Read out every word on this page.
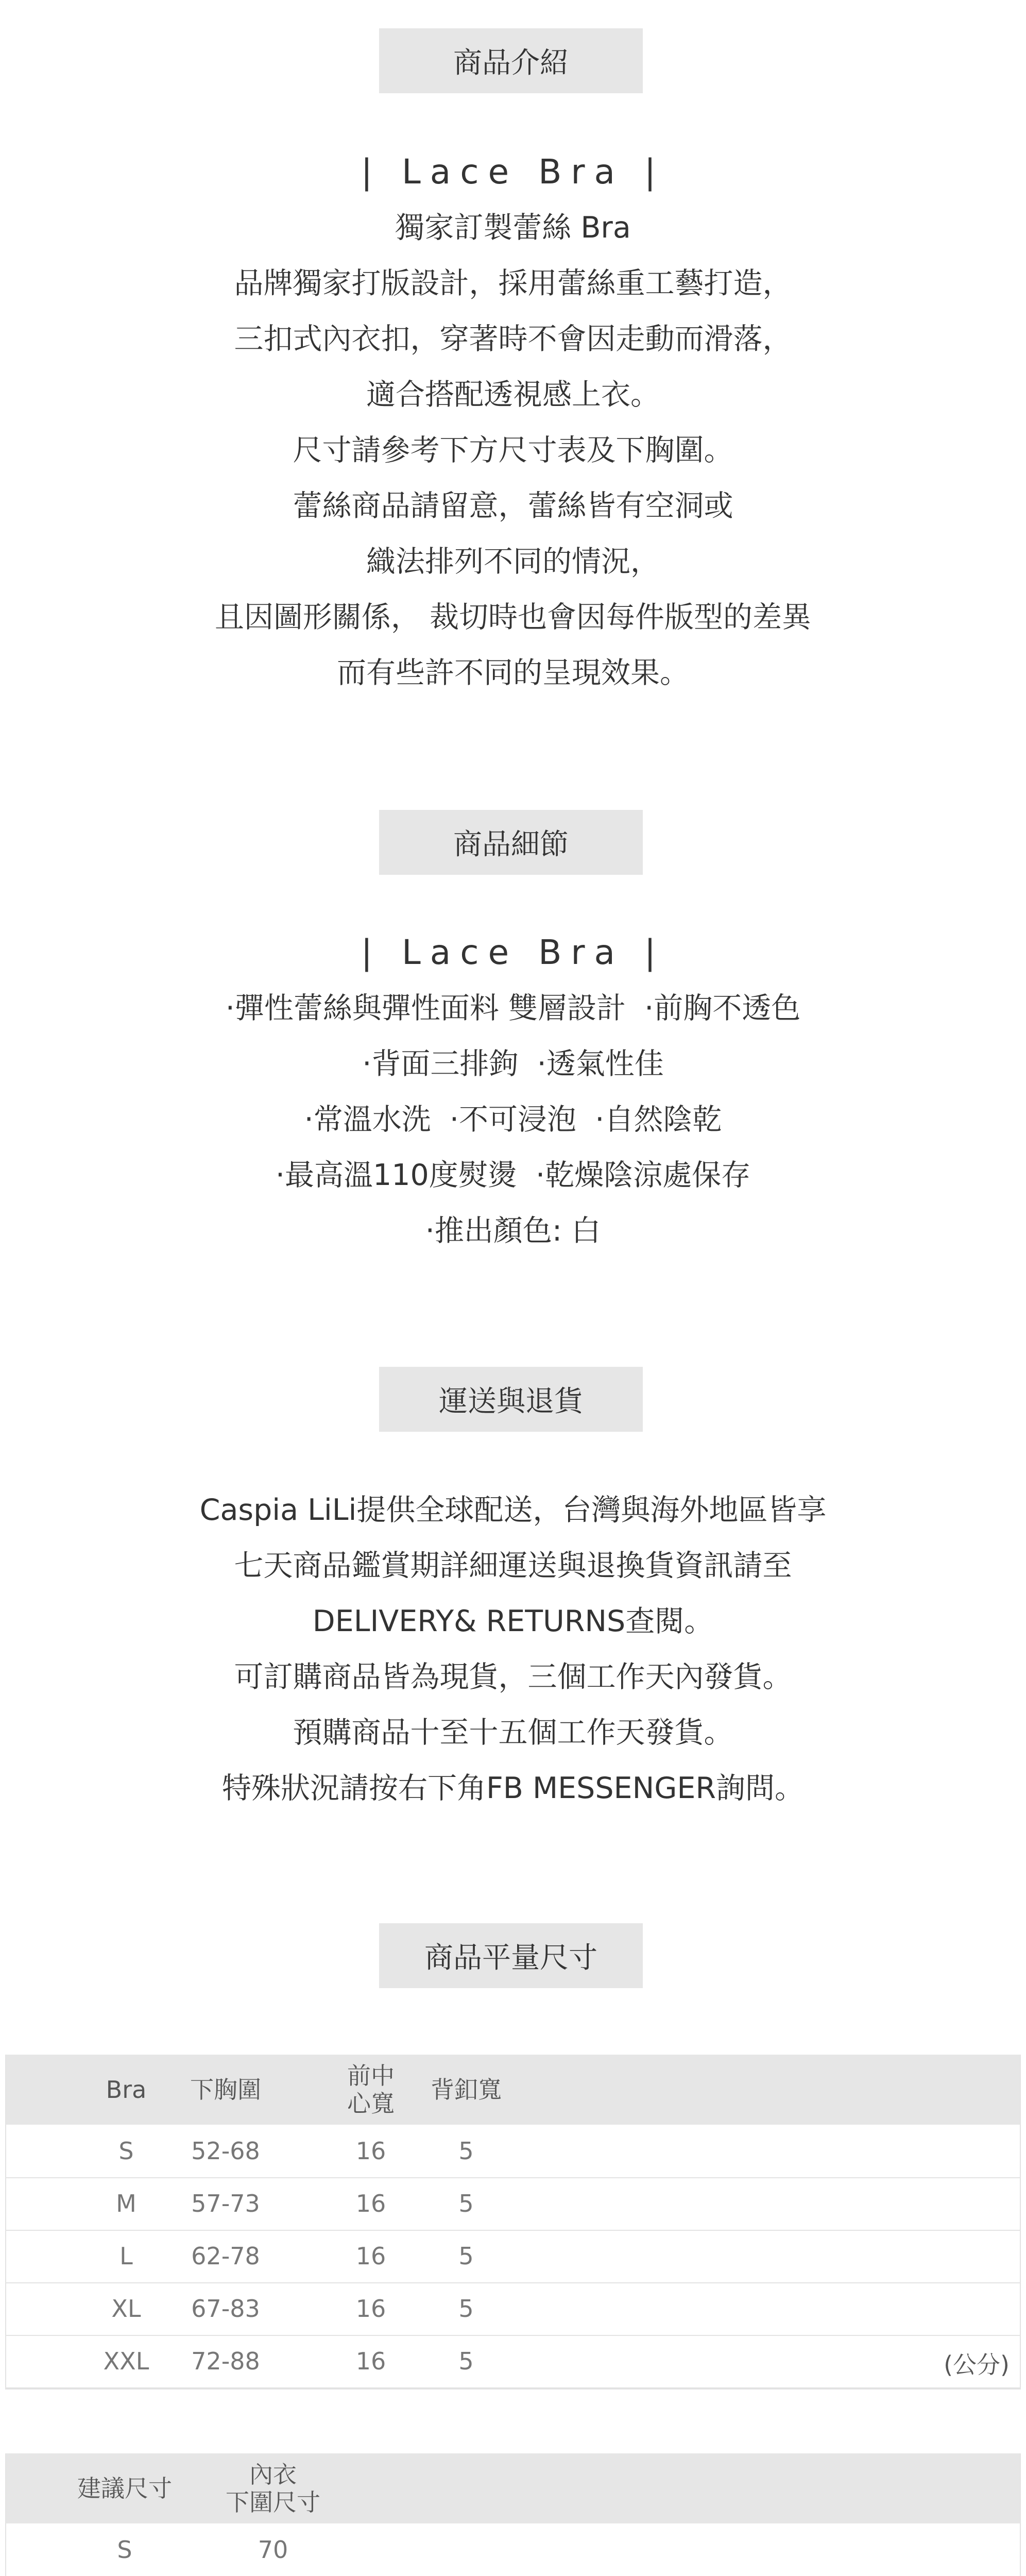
商品介紹
| Lace Bra |
獨家訂製蕾絲 Bra
品牌獨家打版設計，採用蕾絲重工藝打造，
三扣式內衣扣，穿著時不會因走動而滑落，
適合搭配透視感上衣。
尺寸請參考下方尺寸表及下胸圍。
蕾絲商品請留意，蕾絲皆有空洞或
織法排列不同的情況，
且因圖形關係， 裁切時也會因每件版型的差異
而有些許不同的呈現效果。
商品細節
| Lace Bra |
·彈性蕾絲與彈性面料 雙層設計  ·前胸不透色
·背面三排鉤  ·透氣性佳
·常溫水洗  ·不可浸泡  ·自然陰乾
·最高溫110度熨燙  ·乾燥陰涼處保存
·推出顏色: 白
運送與退貨
Caspia LiLi提供全球配送，台灣與海外地區皆享
七天商品鑑賞期詳細運送與退換貨資訊請至
DELIVERY& RETURNS查閱。
可訂購商品皆為現貨，三個工作天內發貨。
預購商品十至十五個工作天發貨。
特殊狀況請按右下角FB MESSENGER詢問。
商品平量尺寸
Bra	下胸圍	前中
心寬	背釦寬
S	52-68	16	5
M	57-73	16	5
L	62-78	16	5
XL	67-83	16	5
XXL	72-88	16	5	(公分)
建議尺寸	內衣
下圍尺寸
S	70
